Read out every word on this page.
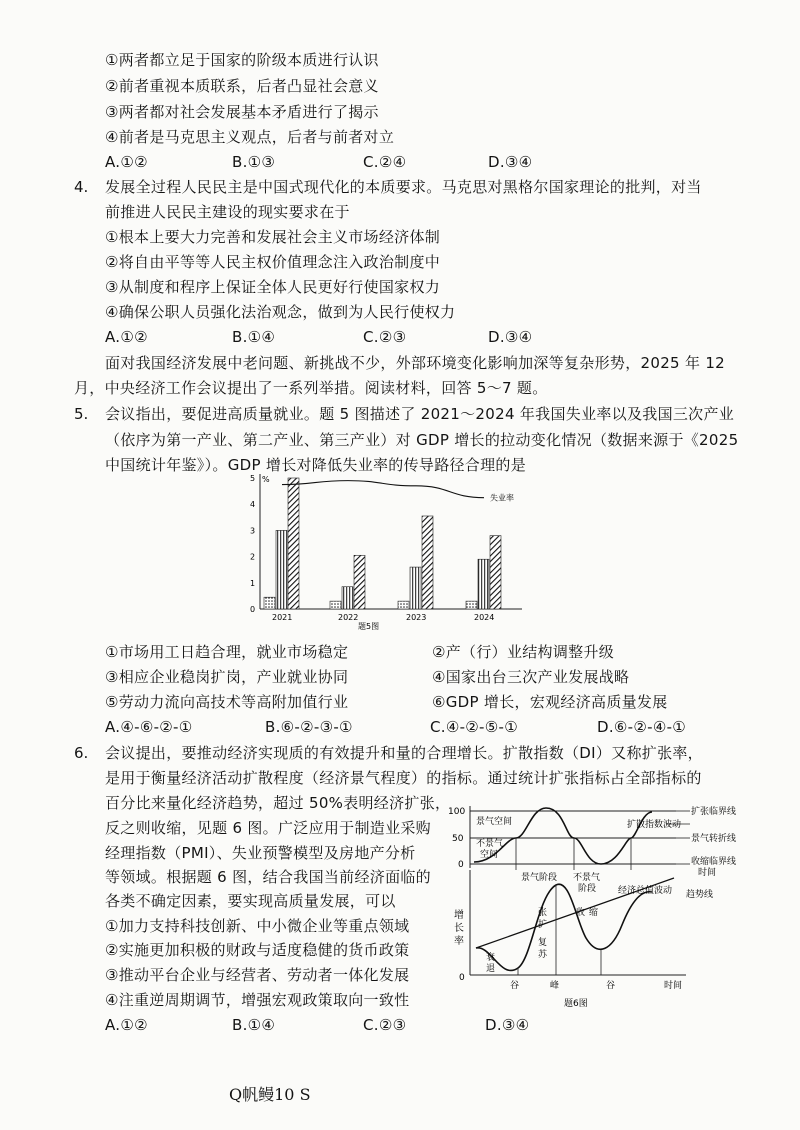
①两者都立足于国家的阶级本质进行认识
②前者重视本质联系，后者凸显社会意义
③两者都对社会发展基本矛盾进行了揭示
④前者是马克思主义观点，后者与前者对立
A.①②	B.①③	C.②④	D.③④
4. 发展全过程人民民主是中国式现代化的本质要求。马克思对黑格尔国家理论的批判，对当
前推进人民民主建设的现实要求在于
①根本上要大力完善和发展社会主义市场经济体制
②将自由平等等人民主权价值理念注入政治制度中
③从制度和程序上保证全体人民更好行使国家权力
④确保公职人员强化法治观念，做到为人民行使权力
A.①②	B.①④	C.②③	D.③④
面对我国经济发展中老问题、新挑战不少，外部环境变化影响加深等复杂形势，2025 年 12
月，中央经济工作会议提出了一系列举措。阅读材料，回答 5～7 题。
5. 会议指出，要促进高质量就业。题 5 图描述了 2021～2024 年我国失业率以及我国三次产业
（依序为第一产业、第二产业、第三产业）对 GDP 增长的拉动变化情况（数据来源于《2025
中国统计年鉴》）。GDP 增长对降低失业率的传导路径合理的是
0
1
2
3
4
5 %
题5图
2021	2022	2023	2024
失业率
①市场用工日趋合理，就业市场稳定
③相应企业稳岗扩岗，产业就业协同
⑤劳动力流向高技术等高附加值行业
②产（行）业结构调整升级
④国家出台三次产业发展战略
⑥GDP 增长，宏观经济高质量发展
A.④-⑥-②-①	B.⑥-②-③-①	C.④-②-⑤-①	D.⑥-②-④-①
6. 会议提出，要推动经济实现质的有效提升和量的合理增长。扩散指数（DI）又称扩张率，
是用于衡量经济活动扩散程度（经济景气程度）的指标。通过统计扩张指标占全部指标的
百分比来量化经济趋势，超过 50%表明经济扩张，
反之则收缩，见题 6 图。广泛应用于制造业采购
经理指数（PMI）、失业预警模型及房地产分析
等领域。根据题 6 图，结合我国当前经济面临的
各类不确定因素，要实现高质量发展，可以
①加力支持科技创新、中小微企业等重点领域
②实施更加积极的财政与适度稳健的货币政策
③推动平台企业与经营者、劳动者一体化发展
④注重逆周期调节，增强宏观政策取向一致性
A.①②	B.①④	C.②③	D.③④
100
50
0
景气空间
不景气
空间
扩张临界线
扩散指数波动
景气转折线
收缩临界线
时间
景气阶段 不景气
阶段 经济总值波动 趋势线
增
长
率
0
衰
退
张
扩
复
苏
收 缩
谷	峰	谷	时间
题6图
Q帆鳗10 S
